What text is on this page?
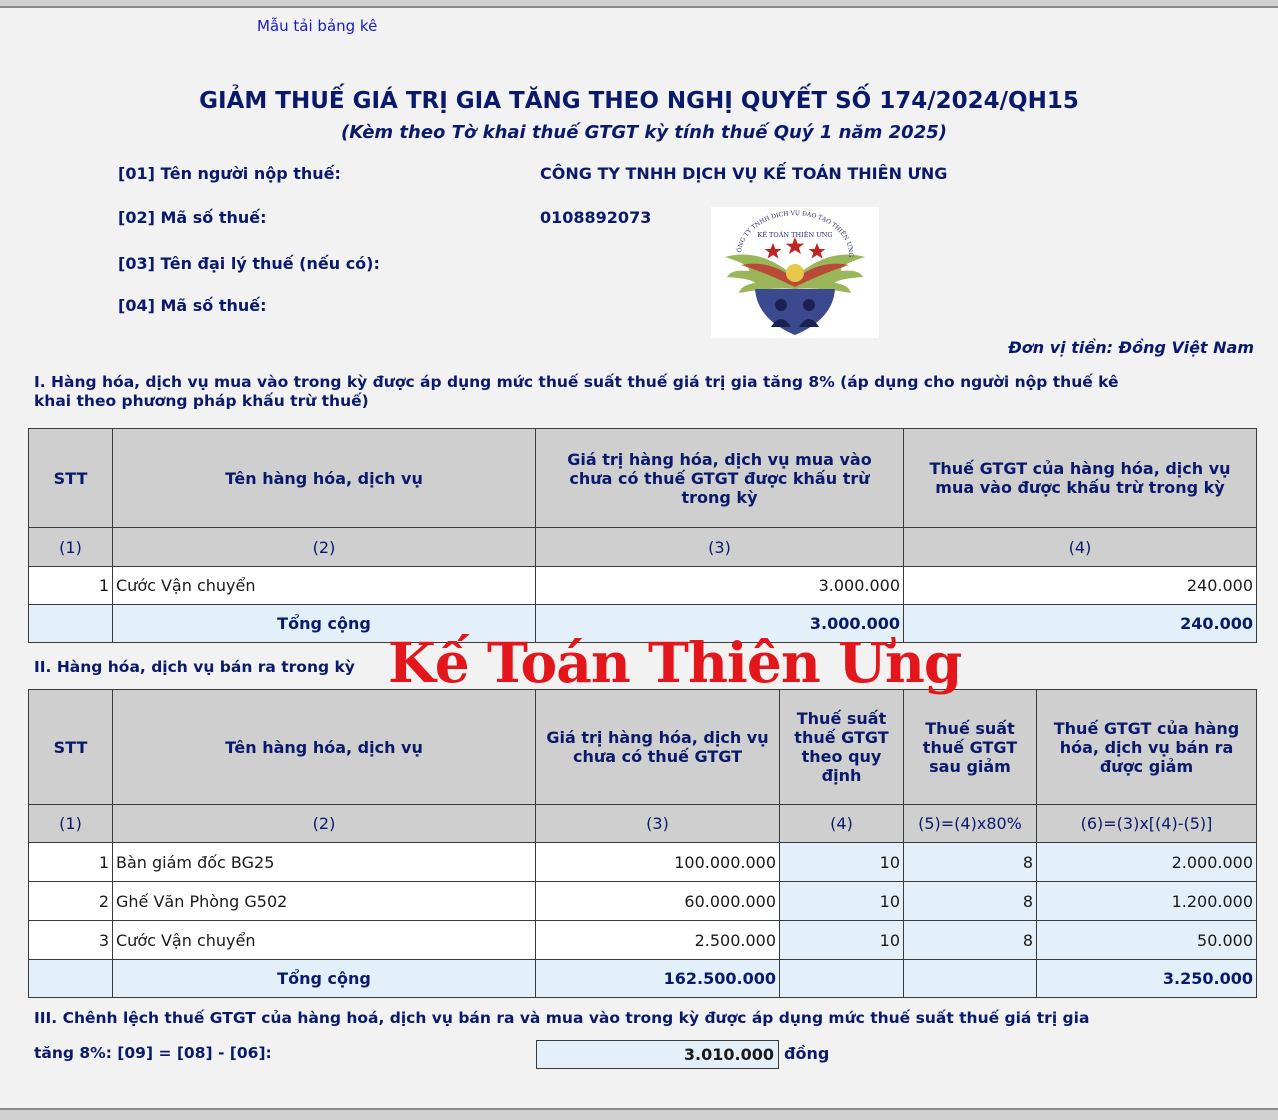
Mẫu tải bảng kê
GIẢM THUẾ GIÁ TRỊ GIA TĂNG THEO NGHỊ QUYẾT SỐ 174/2024/QH15
(Kèm theo Tờ khai thuế GTGT kỳ tính thuế Quý 1 năm 2025)
[01] Tên người nộp thuế:	CÔNG TY TNHH DỊCH VỤ KẾ TOÁN THIÊN ƯNG
[02] Mã số thuế:	0108892073
[03] Tên đại lý thuế (nếu có):
[04] Mã số thuế:
ÔNG TY TNHH DỊCH VỤ ĐÀO TẠO THIÊN ƯNG
KẾ TOÁN THIÊN ƯNG
Đơn vị tiền: Đồng Việt Nam
I. Hàng hóa, dịch vụ mua vào trong kỳ được áp dụng mức thuế suất thuế giá trị gia tăng 8% (áp dụng cho người nộp thuế kê
khai theo phương pháp khấu trừ thuế)
STT	Tên hàng hóa, dịch vụ	Giá trị hàng hóa, dịch vụ mua vào chưa có thuế GTGT được khấu trừ trong kỳ	Thuế GTGT của hàng hóa, dịch vụ mua vào được khấu trừ trong kỳ
(1)	(2)	(3)	(4)
1	Cước Vận chuyển	3.000.000	240.000
	Tổng cộng	3.000.000	240.000
II. Hàng hóa, dịch vụ bán ra trong kỳ
STT	Tên hàng hóa, dịch vụ	Giá trị hàng hóa, dịch vụ chưa có thuế GTGT	Thuế suất thuế GTGT theo quy định	Thuế suất thuế GTGT sau giảm	Thuế GTGT của hàng hóa, dịch vụ bán ra được giảm
(1)	(2)	(3)	(4)	(5)=(4)x80%	(6)=(3)x[(4)-(5)]
1	Bàn giám đốc BG25	100.000.000	10	8	2.000.000
2	Ghế Văn Phòng G502	60.000.000	10	8	1.200.000
3	Cước Vận chuyển	2.500.000	10	8	50.000
	Tổng cộng	162.500.000			3.250.000
III. Chênh lệch thuế GTGT của hàng hoá, dịch vụ bán ra và mua vào trong kỳ được áp dụng mức thuế suất thuế giá trị gia
tăng 8%: [09] = [08] - [06]:	3.010.000 đồng
Kế Toán Thiên Ưng
